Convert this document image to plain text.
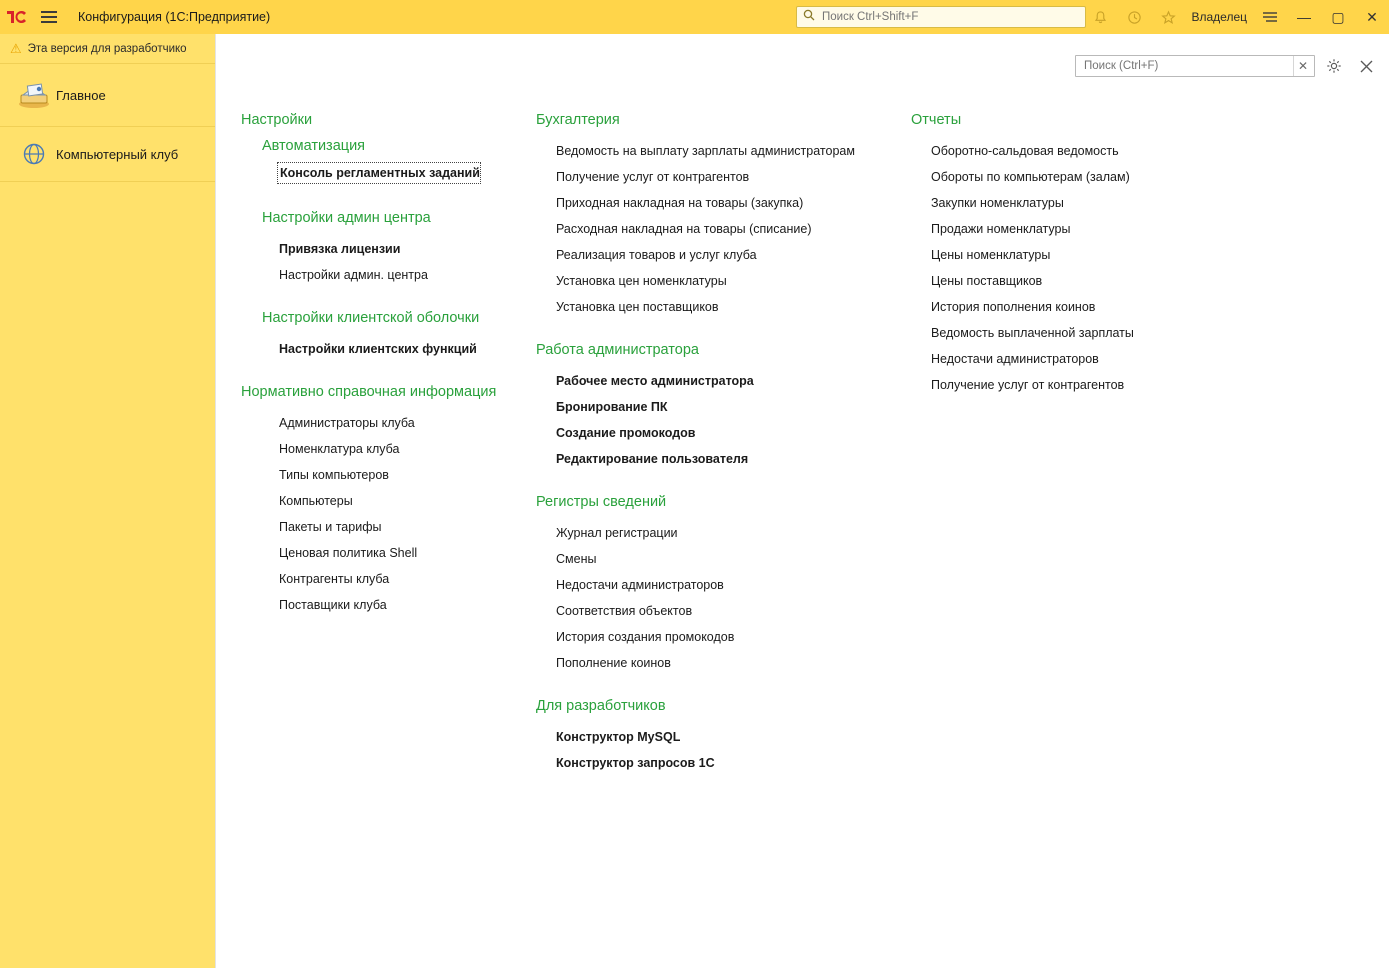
Конфигурация (1С:Предприятие)
Поиск Ctrl+Shift+F	Владелец	—	▢	✕
⚠ Эта версия для разработчико
Главное
Компьютерный клуб
Поиск (Ctrl+F)
✕
Настройки
Автоматизация
Консоль регламентных заданий
Настройки админ центра
Привязка лицензии
Настройки админ. центра
Настройки клиентской оболочки
Настройки клиентских функций
Нормативно справочная информация
Администраторы клуба
Номенклатура клуба
Типы компьютеров
Компьютеры
Пакеты и тарифы
Ценовая политика Shell
Контрагенты клуба
Поставщики клуба
Бухгалтерия
Ведомость на выплату зарплаты администраторам
Получение услуг от контрагентов
Приходная накладная на товары (закупка)
Расходная накладная на товары (списание)
Реализация товаров и услуг клуба
Установка цен номенклатуры
Установка цен поставщиков
Работа администратора
Рабочее место администратора
Бронирование ПК
Создание промокодов
Редактирование пользователя
Регистры сведений
Журнал регистрации
Смены
Недостачи администраторов
Соответствия объектов
История создания промокодов
Пополнение коинов
Для разработчиков
Конструктор MySQL
Конструктор запросов 1С
Отчеты
Оборотно-сальдовая ведомость
Обороты по компьютерам (залам)
Закупки номенклатуры
Продажи номенклатуры
Цены номенклатуры
Цены поставщиков
История пополнения коинов
Ведомость выплаченной зарплаты
Недостачи администраторов
Получение услуг от контрагентов
